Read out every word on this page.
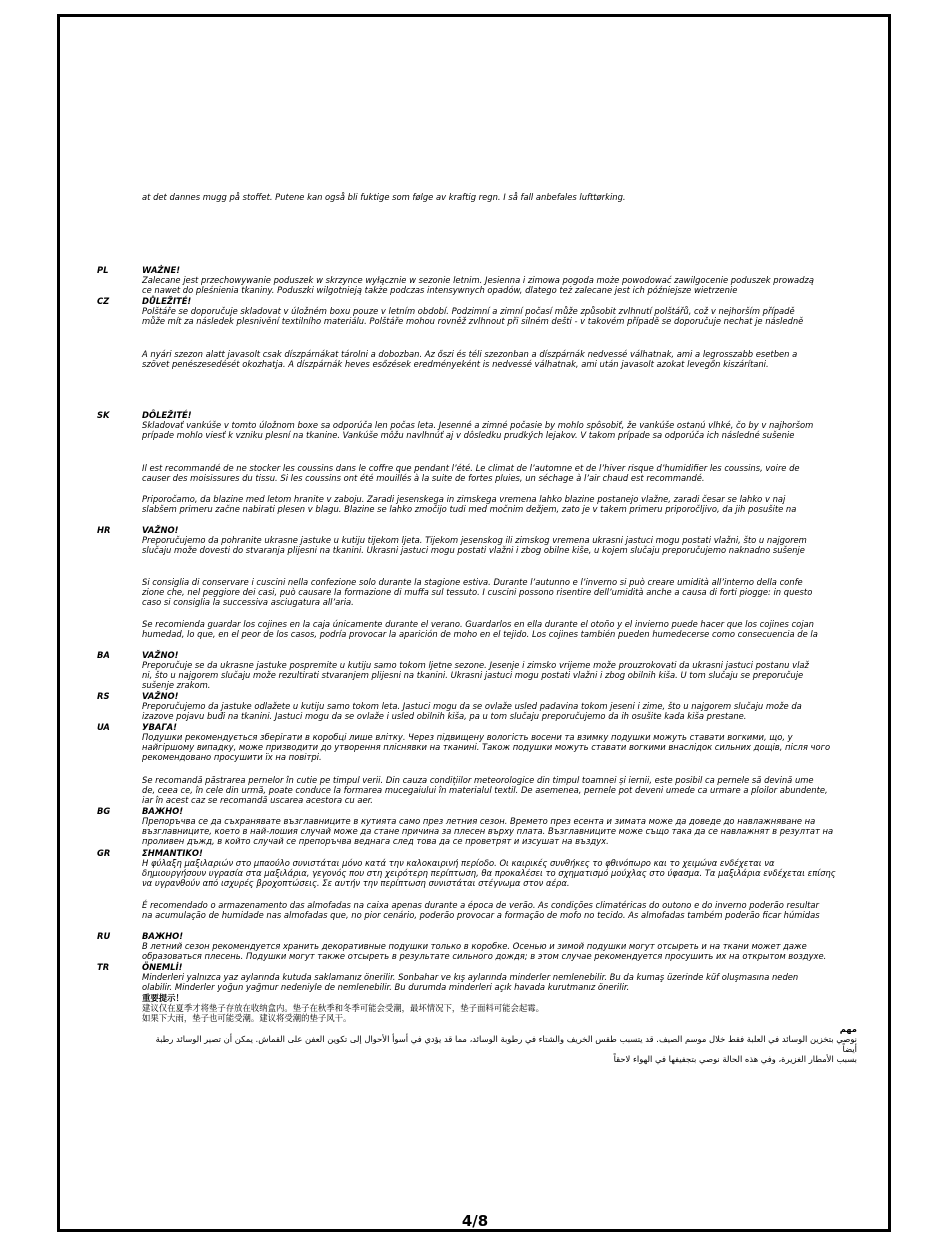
at det dannes mugg på stoffet. Putene kan også bli fuktige som følge av kraftig regn. I så fall anbefales lufttørking.
PL	WAŻNE!
Zalecane jest przechowywanie poduszek w skrzynce wyłącznie w sezonie letnim. Jesienna i zimowa pogoda może powodować zawilgocenie poduszek prowadzą
ce nawet do pleśnienia tkaniny. Poduszki wilgotnieją także podczas intensywnych opadów, dlatego też zalecane jest ich późniejsze wietrzenie
CZ	DŮLEŽITÉ!
Polštáře se doporučuje skladovat v úložném boxu pouze v letním období. Podzimní a zimní počasí může způsobit zvlhnutí polštářů, což v nejhorším případě
může mít za následek plesnivění textilního materiálu. Polštáře mohou rovněž zvlhnout při silném dešti - v takovém případě se doporučuje nechat je následně
A nyári szezon alatt javasolt csak díszpárnákat tárolni a dobozban. Az őszi és téli szezonban a díszpárnák nedvessé válhatnak, ami a legrosszabb esetben a
szövet penészesedését okozhatja. A díszpárnák heves esőzések eredményeként is nedvessé válhatnak, ami után javasolt azokat levegőn kiszárítani.
SK	DÔLEŽITÉ!
Skladovať vankúše v tomto úložnom boxe sa odporúča len počas leta. Jesenné a zimné počasie by mohlo spôsobiť, že vankúše ostanú vlhké, čo by v najhoršom
prípade mohlo viesť k vzniku plesní na tkanine. Vankúše môžu navlhnúť aj v dôsledku prudkých lejakov. V takom prípade sa odporúča ich následné sušenie
Il est recommandé de ne stocker les coussins dans le coffre que pendant l’été. Le climat de l’automne et de l’hiver risque d’humidifier les coussins, voire de
causer des moisissures du tissu. Si les coussins ont été mouillés à la suite de fortes pluies, un séchage à l’air chaud est recommandé.
Priporočamo, da blazine med letom hranite v zaboju. Zaradi jesenskega in zimskega vremena lahko blazine postanejo vlažne, zaradi česar se lahko v naj
slabšem primeru začne nabirati plesen v blagu. Blazine se lahko zmočijo tudi med močnim dežjem, zato je v takem primeru priporočljivo, da jih posušite na
HR	VAŽNO!
Preporučujemo da pohranite ukrasne jastuke u kutiju tijekom ljeta. Tijekom jesenskog ili zimskog vremena ukrasni jastuci mogu postati vlažni, što u najgorem
slučaju može dovesti do stvaranja plijesni na tkanini. Ukrasni jastuci mogu postati vlažni i zbog obilne kiše, u kojem slučaju preporučujemo naknadno sušenje
Si consiglia di conservare i cuscini nella confezione solo durante la stagione estiva. Durante l’autunno e l’inverno si può creare umidità all’interno della confe
zione che, nel peggiore dei casi, può causare la formazione di muffa sul tessuto. I cuscini possono risentire dell’umidità anche a causa di forti piogge: in questo
caso si consiglia la successiva asciugatura all’aria.
Se recomienda guardar los cojines en la caja únicamente durante el verano. Guardarlos en ella durante el otoño y el invierno puede hacer que los cojines cojan
humedad, lo que, en el peor de los casos, podría provocar la aparición de moho en el tejido. Los cojines también pueden humedecerse como consecuencia de la
BA	VAŽNO!
Preporučuje se da ukrasne jastuke pospremite u kutiju samo tokom ljetne sezone. Jesenje i zimsko vrijeme može prouzrokovati da ukrasni jastuci postanu vlaž
ni, što u najgorem slučaju može rezultirati stvaranjem plijesni na tkanini. Ukrasni jastuci mogu postati vlažni i zbog obilnih kiša. U tom slučaju se preporučuje
sušenje zrakom.
RS	VAŽNO!
Preporučujemo da jastuke odlažete u kutiju samo tokom leta. Jastuci mogu da se ovlaže usled padavina tokom jeseni i zime, što u najgorem slučaju može da
izazove pojavu buđi na tkanini. Jastuci mogu da se ovlaže i usled obilnih kiša, pa u tom slučaju preporučujemo da ih osušite kada kiša prestane.
UA	УВАГА!
Подушки рекомендується зберігати в коробці лише влітку. Через підвищену вологість восени та взимку подушки можуть ставати вогкими, що, у
найгіршому випадку, може призводити до утворення пліснявки на тканині. Також подушки можуть ставати вогкими внаслідок сильних дощів, після чого
рекомендовано просушити їх на повітрі.
Se recomandă păstrarea pernelor în cutie pe timpul verii. Din cauza condițiilor meteorologice din timpul toamnei și iernii, este posibil ca pernele să devină ume
de, ceea ce, în cele din urmă, poate conduce la formarea mucegaiului în materialul textil. De asemenea, pernele pot deveni umede ca urmare a ploilor abundente,
iar în acest caz se recomandă uscarea acestora cu aer.
BG	ВАЖНО!
Препоръчва се да съхранявате възглавниците в кутията само през летния сезон. Времето през есента и зимата може да доведе до навлажняване на
възглавниците, което в най-лошия случай може да стане причина за плесен върху плата. Възглавниците може също така да се навлажнят в резултат на
проливен дъжд, в който случай се препоръчва веднага след това да се проветрят и изсушат на въздух.
GR	ΣΗΜΑΝΤΙΚΟ!
Η φύλαξη μαξιλαριών στο μπαούλο συνιστάται μόνο κατά την καλοκαιρινή περίοδο. Οι καιρικές συνθήκες το φθινόπωρο και το χειμώνα ενδέχεται να
δημιουργήσουν υγρασία στα μαξιλάρια, γεγονός που στη χειρότερη περίπτωση, θα προκαλέσει το σχηματισμό μούχλας στο ύφασμα. Τα μαξιλάρια ενδέχεται επίσης
να υγρανθούν από ισχυρές βροχοπτώσεις. Σε αυτήν την περίπτωση συνιστάται στέγνωμα στον αέρα.
É recomendado o armazenamento das almofadas na caixa apenas durante a época de verão. As condições climatéricas do outono e do inverno poderão resultar
na acumulação de humidade nas almofadas que, no pior cenário, poderão provocar a formação de mofo no tecido. As almofadas também poderão ficar húmidas
RU	ВАЖНО!
В летний сезон рекомендуется хранить декоративные подушки только в коробке. Осенью и зимой подушки могут отсыреть и на ткани может даже
образоваться плесень. Подушки могут также отсыреть в результате сильного дождя; в этом случае рекомендуется просушить их на открытом воздухе.
TR	ÖNEMLİ!
Minderleri yalnızca yaz aylarında kutuda saklamanız önerilir. Sonbahar ve kış aylarında minderler nemlenebilir. Bu da kumaş üzerinde küf oluşmasına neden
olabilir. Minderler yoğun yağmur nedeniyle de nemlenebilir. Bu durumda minderleri açık havada kurutmanız önerilir.
重要提示！
建议仅在夏季才将垫子存放在收纳盒内。垫子在秋季和冬季可能会受潮，最坏情况下，垫子面料可能会起霉。
如果下大雨，垫子也可能受潮。建议将受潮的垫子风干。
مهم
نوصي بتخزين الوسائد في العلبة فقط خلال موسم الصيف. قد يتسبب طقس الخريف والشتاء في رطوبة الوسائد، مما قد يؤدي في أسوأ الأحوال إلى تكوين العفن على القماش. يمكن أن تصير الوسائد رطبة أيضاً
بسبب الأمطار الغزيرة، وفي هذه الحالة نوصي بتجفيفها في الهواء لاحقاً
4/8
